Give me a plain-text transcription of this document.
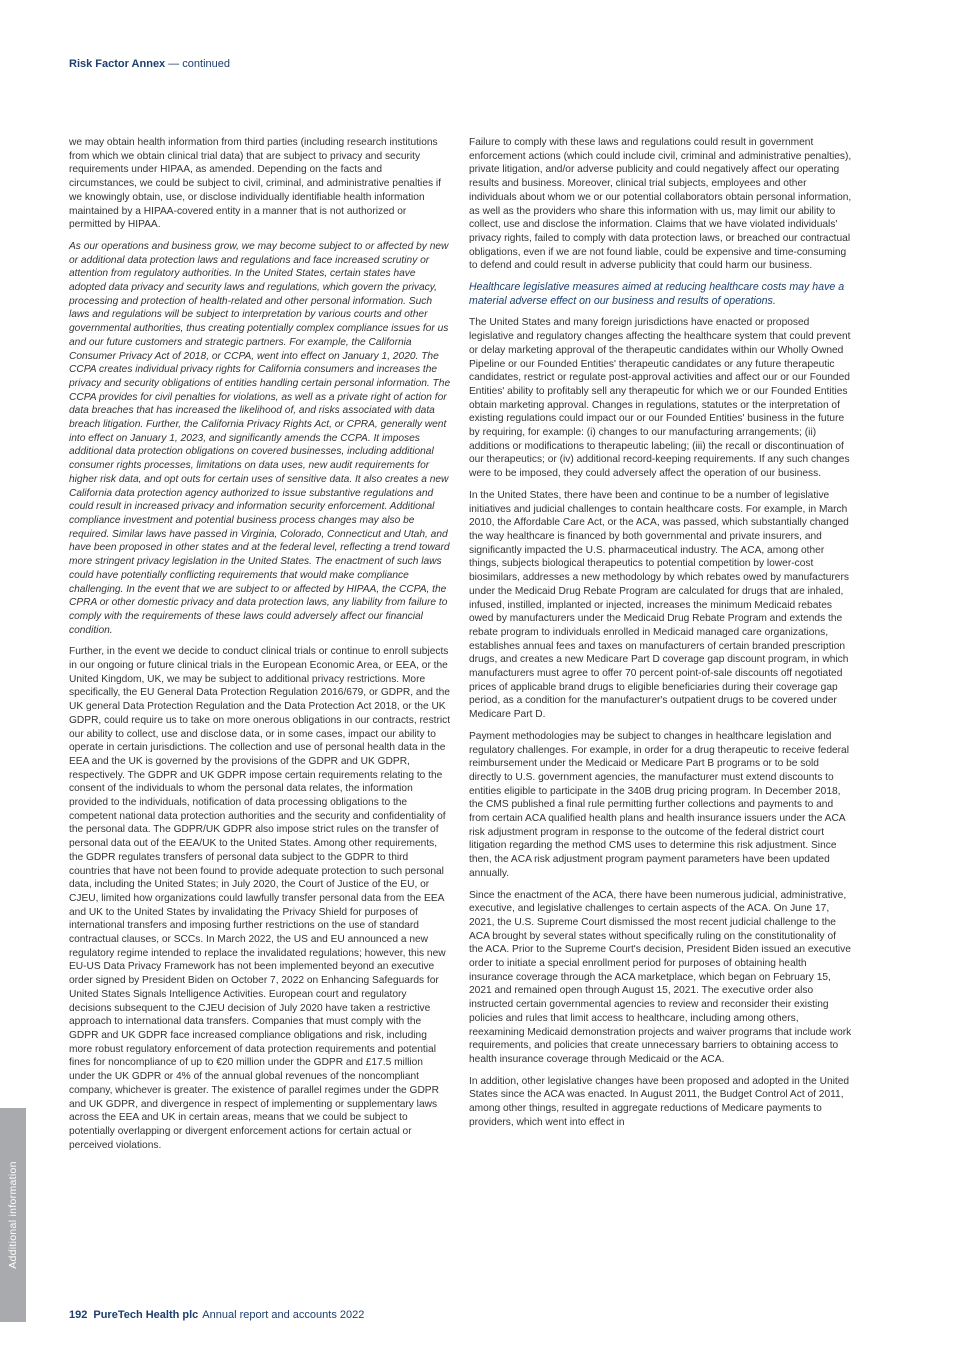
Risk Factor Annex — continued

we may obtain health information from third parties (including research institutions from which we obtain clinical trial data) that are subject to privacy and security requirements under HIPAA, as amended. Depending on the facts and circumstances, we could be subject to civil, criminal, and administrative penalties if we knowingly obtain, use, or disclose individually identifiable health information maintained by a HIPAA-covered entity in a manner that is not authorized or permitted by HIPAA.

As our operations and business grow, we may become subject to or affected by new or additional data protection laws and regulations and face increased scrutiny or attention from regulatory authorities. In the United States, certain states have adopted data privacy and security laws and regulations, which govern the privacy, processing and protection of health-related and other personal information. Such laws and regulations will be subject to interpretation by various courts and other governmental authorities, thus creating potentially complex compliance issues for us and our future customers and strategic partners. For example, the California Consumer Privacy Act of 2018, or CCPA, went into effect on January 1, 2020. The CCPA creates individual privacy rights for California consumers and increases the privacy and security obligations of entities handling certain personal information. The CCPA provides for civil penalties for violations, as well as a private right of action for data breaches that has increased the likelihood of, and risks associated with data breach litigation. Further, the California Privacy Rights Act, or CPRA, generally went into effect on January 1, 2023, and significantly amends the CCPA. It imposes additional data protection obligations on covered businesses, including additional consumer rights processes, limitations on data uses, new audit requirements for higher risk data, and opt outs for certain uses of sensitive data. It also creates a new California data protection agency authorized to issue substantive regulations and could result in increased privacy and information security enforcement. Additional compliance investment and potential business process changes may also be required. Similar laws have passed in Virginia, Colorado, Connecticut and Utah, and have been proposed in other states and at the federal level, reflecting a trend toward more stringent privacy legislation in the United States. The enactment of such laws could have potentially conflicting requirements that would make compliance challenging. In the event that we are subject to or affected by HIPAA, the CCPA, the CPRA or other domestic privacy and data protection laws, any liability from failure to comply with the requirements of these laws could adversely affect our financial condition.

Further, in the event we decide to conduct clinical trials or continue to enroll subjects in our ongoing or future clinical trials in the European Economic Area, or EEA, or the United Kingdom, UK, we may be subject to additional privacy restrictions. More specifically, the EU General Data Protection Regulation 2016/679, or GDPR, and the UK general Data Protection Regulation and the Data Protection Act 2018, or the UK GDPR, could require us to take on more onerous obligations in our contracts, restrict our ability to collect, use and disclose data, or in some cases, impact our ability to operate in certain jurisdictions. The collection and use of personal health data in the EEA and the UK is governed by the provisions of the GDPR and UK GDPR, respectively. The GDPR and UK GDPR impose certain requirements relating to the consent of the individuals to whom the personal data relates, the information provided to the individuals, notification of data processing obligations to the competent national data protection authorities and the security and confidentiality of the personal data. The GDPR/UK GDPR also impose strict rules on the transfer of personal data out of the EEA/UK to the United States. Among other requirements, the GDPR regulates transfers of personal data subject to the GDPR to third countries that have not been found to provide adequate protection to such personal data, including the United States; in July 2020, the Court of Justice of the EU, or CJEU, limited how organizations could lawfully transfer personal data from the EEA and UK to the United States by invalidating the Privacy Shield for purposes of international transfers and imposing further restrictions on the use of standard contractual clauses, or SCCs. In March 2022, the US and EU announced a new regulatory regime intended to replace the invalidated regulations; however, this new EU-US Data Privacy Framework has not been implemented beyond an executive order signed by President Biden on October 7, 2022 on Enhancing Safeguards for United States Signals Intelligence Activities. European court and regulatory decisions subsequent to the CJEU decision of July 2020 have taken a restrictive approach to international data transfers. Companies that must comply with the GDPR and UK GDPR face increased compliance obligations and risk, including more robust regulatory enforcement of data protection requirements and potential fines for noncompliance of up to €20 million under the GDPR and £17.5 million under the UK GDPR or 4% of the annual global revenues of the noncompliant company, whichever is greater. The existence of parallel regimes under the GDPR and UK GDPR, and divergence in respect of implementing or supplementary laws across the EEA and UK in certain areas, means that we could be subject to potentially overlapping or divergent enforcement actions for certain actual or perceived violations.

Failure to comply with these laws and regulations could result in government enforcement actions (which could include civil, criminal and administrative penalties), private litigation, and/or adverse publicity and could negatively affect our operating results and business. Moreover, clinical trial subjects, employees and other individuals about whom we or our potential collaborators obtain personal information, as well as the providers who share this information with us, may limit our ability to collect, use and disclose the information. Claims that we have violated individuals' privacy rights, failed to comply with data protection laws, or breached our contractual obligations, even if we are not found liable, could be expensive and time-consuming to defend and could result in adverse publicity that could harm our business.

Healthcare legislative measures aimed at reducing healthcare costs may have a material adverse effect on our business and results of operations.

The United States and many foreign jurisdictions have enacted or proposed legislative and regulatory changes affecting the healthcare system that could prevent or delay marketing approval of the therapeutic candidates within our Wholly Owned Pipeline or our Founded Entities' therapeutic candidates or any future therapeutic candidates, restrict or regulate post-approval activities and affect our or our Founded Entities' ability to profitably sell any therapeutic for which we or our Founded Entities obtain marketing approval. Changes in regulations, statutes or the interpretation of existing regulations could impact our or our Founded Entities' business in the future by requiring, for example: (i) changes to our manufacturing arrangements; (ii) additions or modifications to therapeutic labeling; (iii) the recall or discontinuation of our therapeutics; or (iv) additional record-keeping requirements. If any such changes were to be imposed, they could adversely affect the operation of our business.

In the United States, there have been and continue to be a number of legislative initiatives and judicial challenges to contain healthcare costs. For example, in March 2010, the Affordable Care Act, or the ACA, was passed, which substantially changed the way healthcare is financed by both governmental and private insurers, and significantly impacted the U.S. pharmaceutical industry. The ACA, among other things, subjects biological therapeutics to potential competition by lower-cost biosimilars, addresses a new methodology by which rebates owed by manufacturers under the Medicaid Drug Rebate Program are calculated for drugs that are inhaled, infused, instilled, implanted or injected, increases the minimum Medicaid rebates owed by manufacturers under the Medicaid Drug Rebate Program and extends the rebate program to individuals enrolled in Medicaid managed care organizations, establishes annual fees and taxes on manufacturers of certain branded prescription drugs, and creates a new Medicare Part D coverage gap discount program, in which manufacturers must agree to offer 70 percent point-of-sale discounts off negotiated prices of applicable brand drugs to eligible beneficiaries during their coverage gap period, as a condition for the manufacturer's outpatient drugs to be covered under Medicare Part D.

Payment methodologies may be subject to changes in healthcare legislation and regulatory challenges. For example, in order for a drug therapeutic to receive federal reimbursement under the Medicaid or Medicare Part B programs or to be sold directly to U.S. government agencies, the manufacturer must extend discounts to entities eligible to participate in the 340B drug pricing program. In December 2018, the CMS published a final rule permitting further collections and payments to and from certain ACA qualified health plans and health insurance issuers under the ACA risk adjustment program in response to the outcome of the federal district court litigation regarding the method CMS uses to determine this risk adjustment. Since then, the ACA risk adjustment program payment parameters have been updated annually.

Since the enactment of the ACA, there have been numerous judicial, administrative, executive, and legislative challenges to certain aspects of the ACA. On June 17, 2021, the U.S. Supreme Court dismissed the most recent judicial challenge to the ACA brought by several states without specifically ruling on the constitutionality of the ACA. Prior to the Supreme Court's decision, President Biden issued an executive order to initiate a special enrollment period for purposes of obtaining health insurance coverage through the ACA marketplace, which began on February 15, 2021 and remained open through August 15, 2021. The executive order also instructed certain governmental agencies to review and reconsider their existing policies and rules that limit access to healthcare, including among others, reexamining Medicaid demonstration projects and waiver programs that include work requirements, and policies that create unnecessary barriers to obtaining access to health insurance coverage through Medicaid or the ACA.

In addition, other legislative changes have been proposed and adopted in the United States since the ACA was enacted. In August 2011, the Budget Control Act of 2011, among other things, resulted in aggregate reductions of Medicare payments to providers, which went into effect in

Additional information
192 PureTech Health plc Annual report and accounts 2022
